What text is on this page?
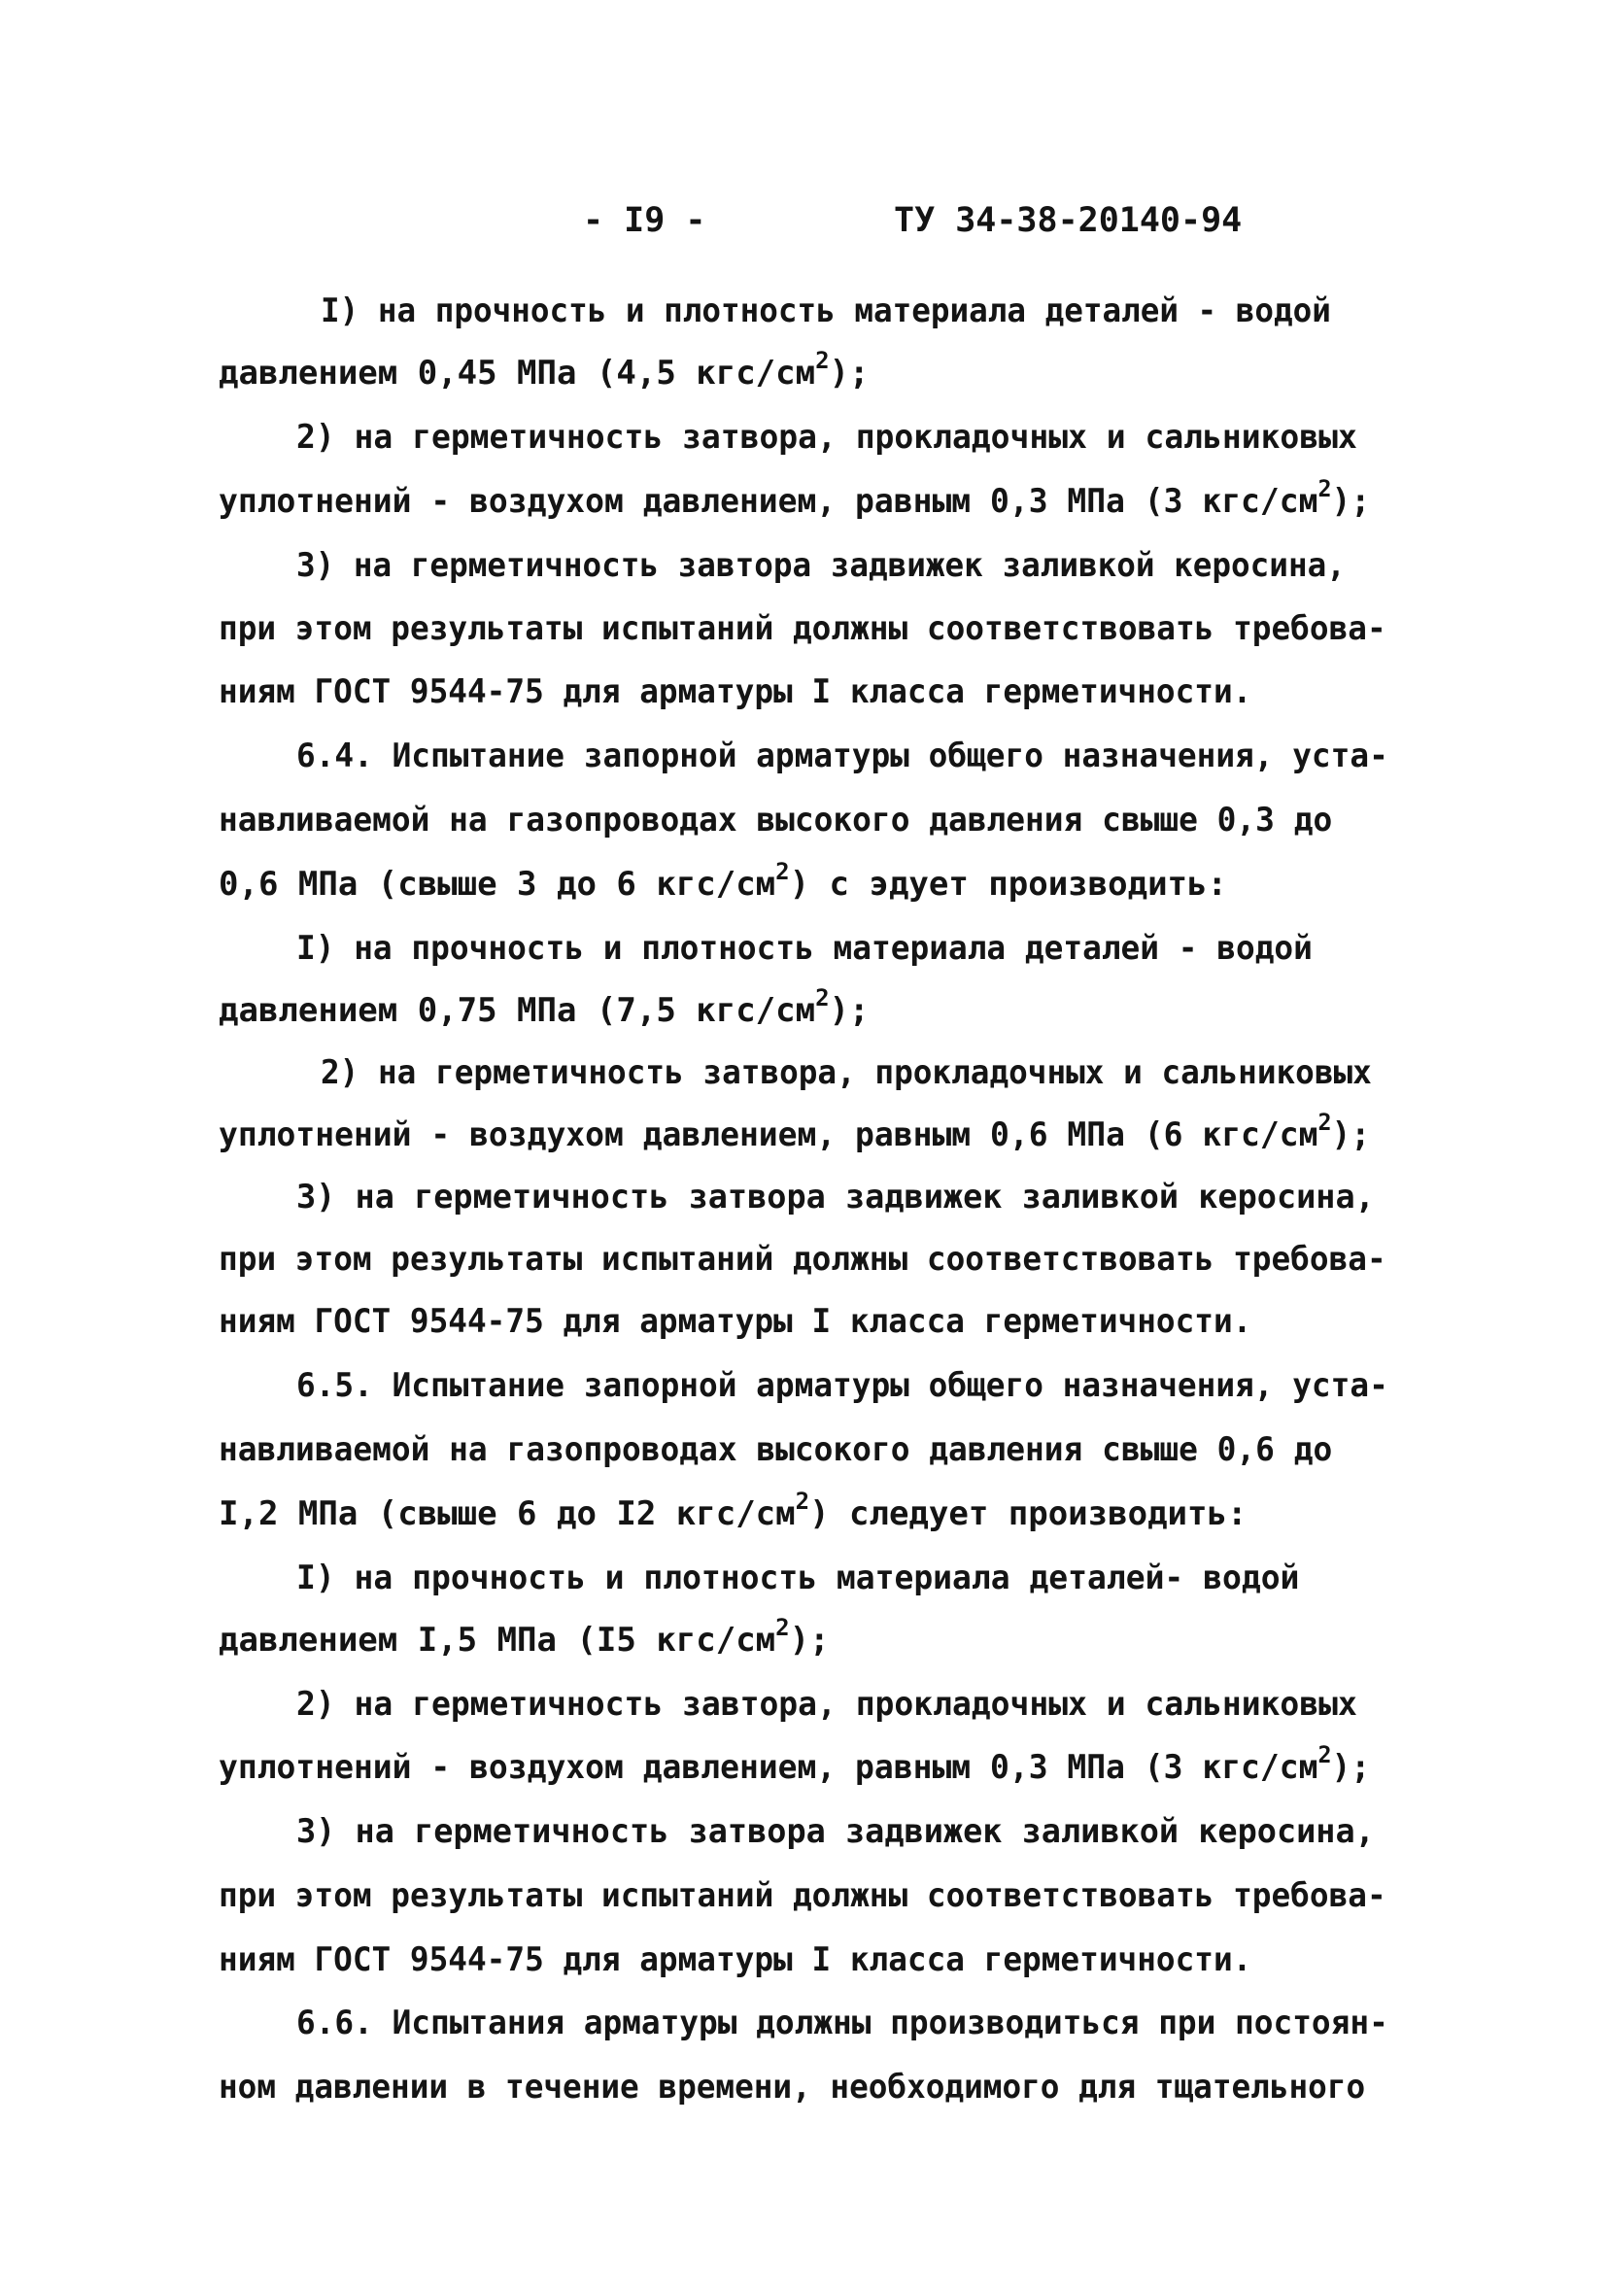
- I9 -	ТУ 34-38-20140-94
I) на прочность и плотность материала деталей - водой
давлением 0,45 МПа (4,5 кгс/$см^2$);
2) на герметичность затвора, прокладочных и сальниковых
уплотнений - воздухом давлением, равным 0,3 МПа (3 кгс/$см^2$);
3) на герметичность завтора задвижек заливкой керосина,
при этом результаты испытаний должны соответствовать требова-
ниям ГОСТ 9544-75 для арматуры I класса герметичности.
6.4. Испытание запорной арматуры общего назначения, уста-
навливаемой на газопроводах высокого давления свыше 0,3 до
0,6 МПа (свыше 3 до 6 кгс/$см^2$) с эдует производить:
I) на прочность и плотность материала деталей - водой
давлением 0,75 МПа (7,5 кгс/$см^2$);
2) на герметичность затвора, прокладочных и сальниковых
уплотнений - воздухом давлением, равным 0,6 МПа (6 кгс/$см^2$);
3) на герметичность затвора задвижек заливкой керосина,
при этом результаты испытаний должны соответствовать требова-
ниям ГОСТ 9544-75 для арматуры I класса герметичности.
6.5. Испытание запорной арматуры общего назначения, уста-
навливаемой на газопроводах высокого давления свыше 0,6 до
I,2 МПа (свыше 6 до I2 кгс/$см^2$) следует производить:
I) на прочность и плотность материала деталей- водой
давлением I,5 МПа (I5 кгс/$см^2$);
2) на герметичность завтора, прокладочных и сальниковых
уплотнений - воздухом давлением, равным 0,3 МПа (3 кгс/$см^2$);
3) на герметичность затвора задвижек заливкой керосина,
при этом результаты испытаний должны соответствовать требова-
ниям ГОСТ 9544-75 для арматуры I класса герметичности.
6.6. Испытания арматуры должны производиться при постоян-
ном давлении в течение времени, необходимого для тщательного
